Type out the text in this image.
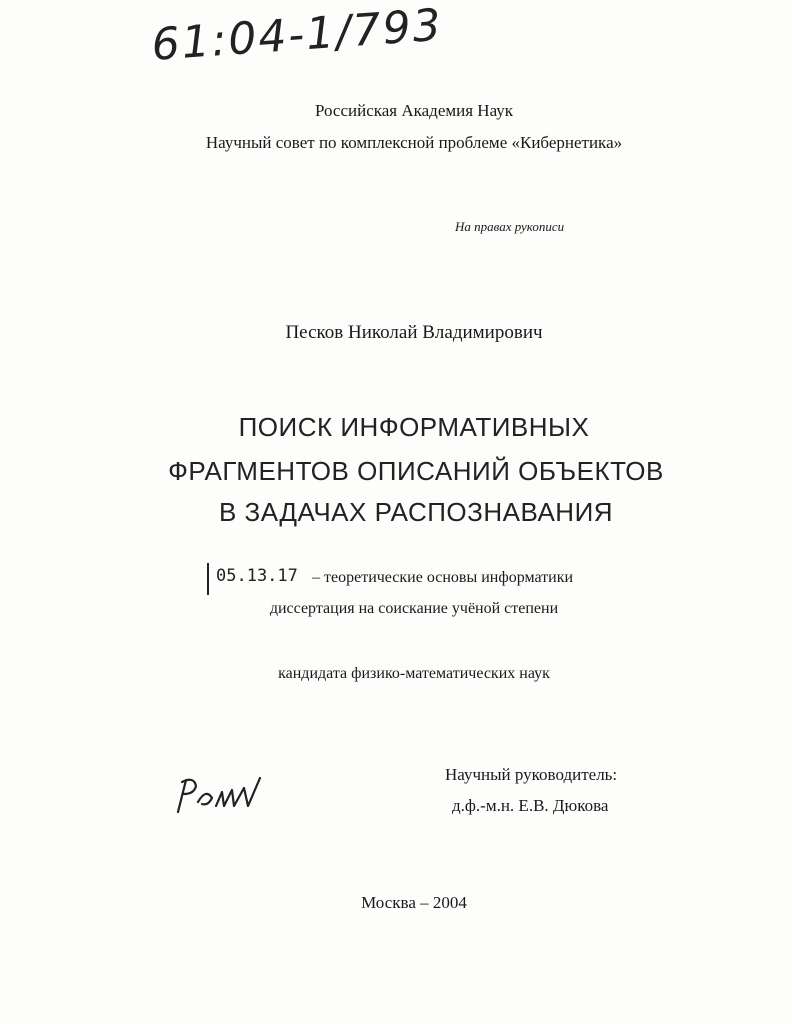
61:04-1/793
Российская Академия Наук
Научный совет по комплексной проблеме «Кибернетика»
На правах рукописи
Песков Николай Владимирович
ПОИСК ИНФОРМАТИВНЫХ
ФРАГМЕНТОВ ОПИСАНИЙ ОБЪЕКТОВ
В ЗАДАЧАХ РАСПОЗНАВАНИЯ
05.13.17 – теоретические основы информатики
диссертация на соискание учёной степени
кандидата физико-математических наук
Научный руководитель:
д.ф.-м.н. Е.В. Дюкова
Москва – 2004
